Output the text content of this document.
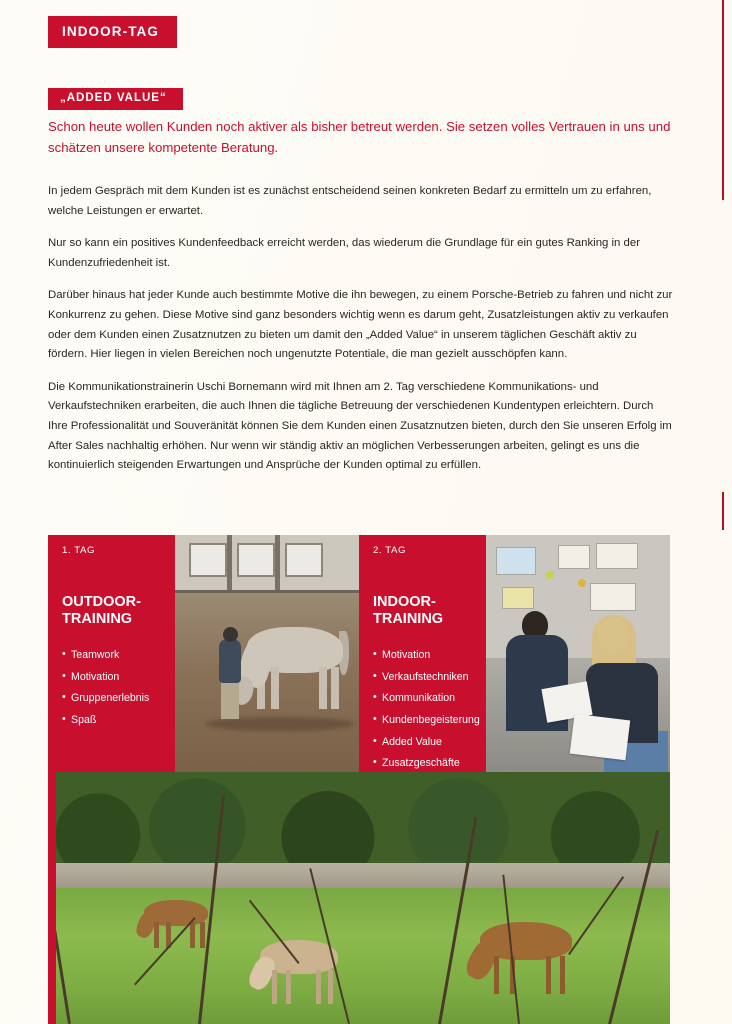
INDOOR-TAG
„ADDED VALUE“
Schon heute wollen Kunden noch aktiver als bisher betreut werden. Sie setzen volles Vertrauen in uns und schätzen unsere kompetente Beratung.

In jedem Gespräch mit dem Kunden ist es zunächst entscheidend seinen konkreten Bedarf zu ermitteln um zu erfahren, welche Leistungen er erwartet.

Nur so kann ein positives Kundenfeedback erreicht werden, das wiederum die Grundlage für ein gutes Ranking in der Kundenzufriedenheit ist.

Darüber hinaus hat jeder Kunde auch bestimmte Motive die ihn bewegen, zu einem Porsche-Betrieb zu fahren und nicht zur Konkurrenz zu gehen. Diese Motive sind ganz besonders wichtig wenn es darum geht, Zusatzleistungen aktiv zu verkaufen oder dem Kunden einen Zusatznutzen zu bieten um damit den „Added Value“ in unserem täglichen Geschäft aktiv zu fördern. Hier liegen in vielen Bereichen noch ungenutzte Potentiale, die man gezielt ausschöpfen kann.

Die Kommunikationstrainerin Uschi Bornemann wird mit Ihnen am 2. Tag verschiedene Kommunikations- und Verkaufstechniken erarbeiten, die auch Ihnen die tägliche Betreuung der verschiedenen Kundentypen erleichtern. Durch Ihre Professionalität und Souveränität können Sie dem Kunden einen Zusatznutzen bieten, durch den Sie unseren Erfolg im After Sales nachhaltig erhöhen. Nur wenn wir ständig aktiv an möglichen Verbesserungen arbeiten, gelingt es uns die kontinuierlich steigenden Erwartungen und Ansprüche der Kunden optimal zu erfüllen.

1. TAG
OUTDOOR-
TRAINING
• Teamwork
• Motivation
• Gruppenerlebnis
• Spaß
2. TAG
INDOOR-
TRAINING
• Motivation
• Verkaufstechniken
• Kommunikation
• Kundenbegeisterung
• Added Value
• Zusatzgeschäfte
